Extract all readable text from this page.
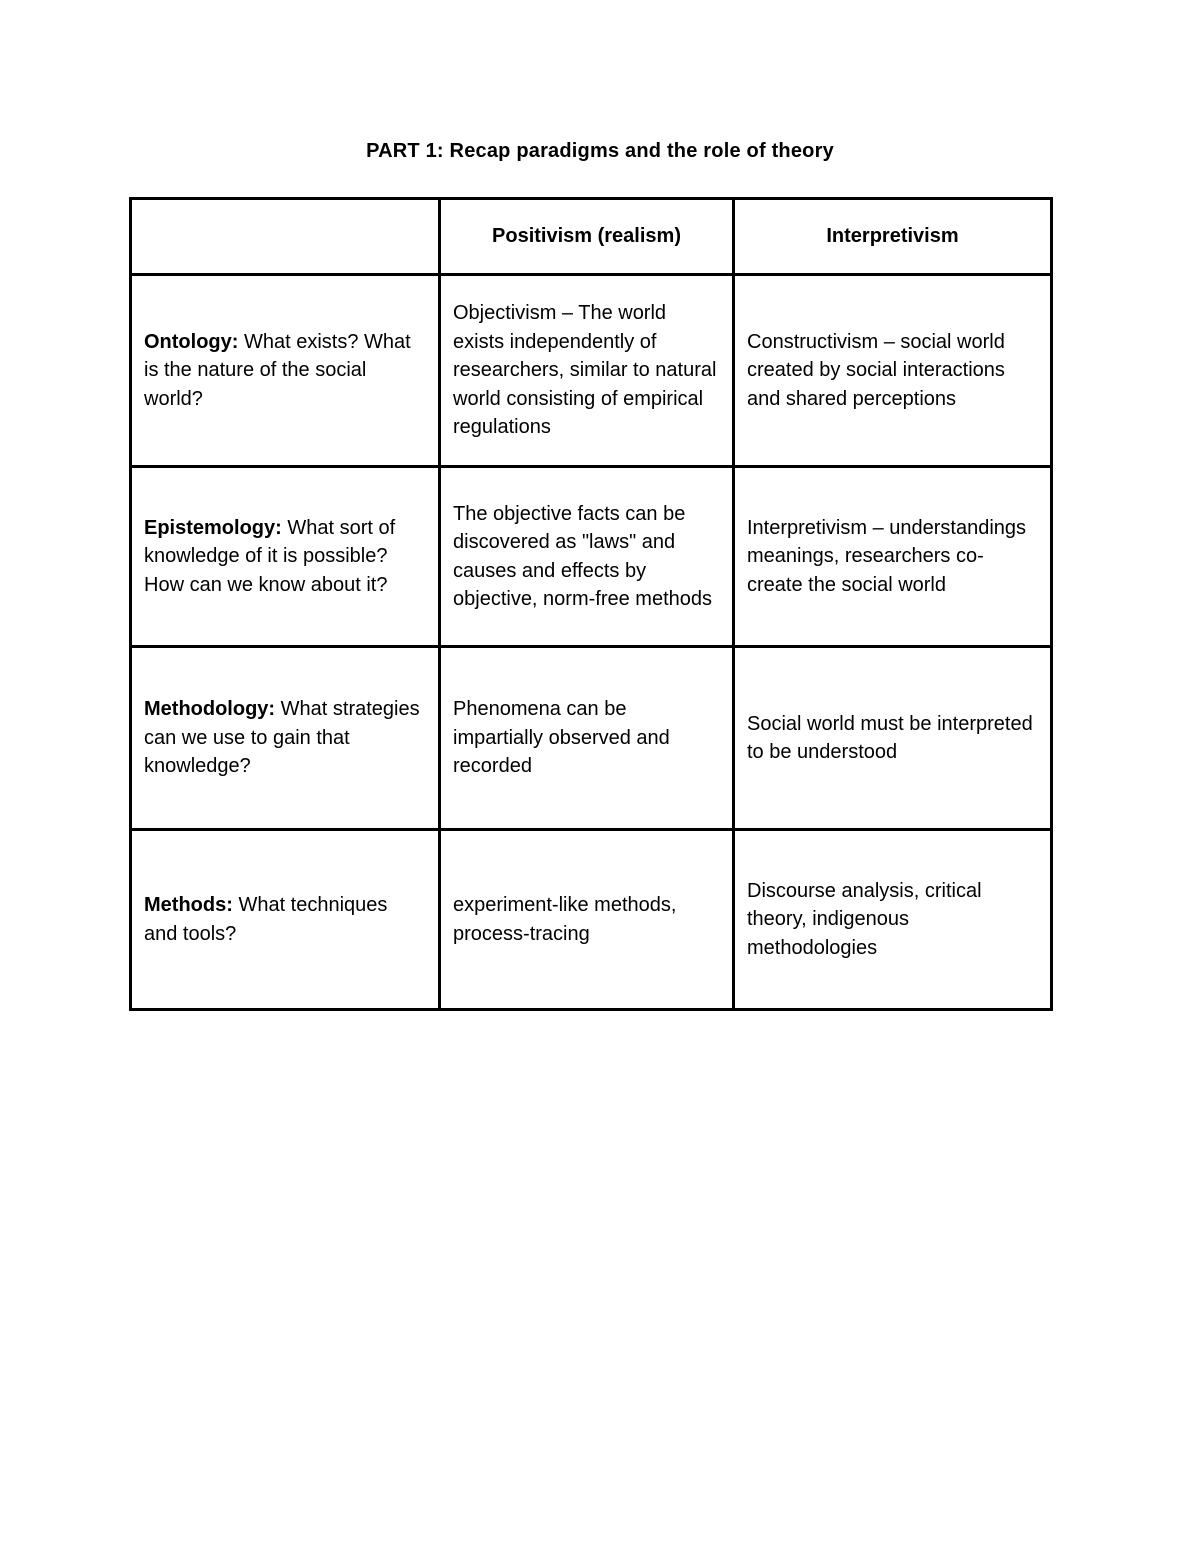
PART 1: Recap paradigms and the role of theory
	Positivism (realism)	Interpretivism
Ontology: What exists? What is the nature of the social world?	Objectivism – The world exists independently of researchers, similar to natural world consisting of empirical regulations	Constructivism – social world created by social interactions and shared perceptions
Epistemology: What sort of knowledge of it is possible? How can we know about it?	The objective facts can be discovered as "laws" and causes and effects by objective, norm-free methods	Interpretivism – understandings meanings, researchers co-create the social world
Methodology: What strategies can we use to gain that knowledge?	Phenomena can be impartially observed and recorded	Social world must be interpreted to be understood
Methods: What techniques and tools?	experiment-like methods, process-tracing	Discourse analysis, critical theory, indigenous methodologies
